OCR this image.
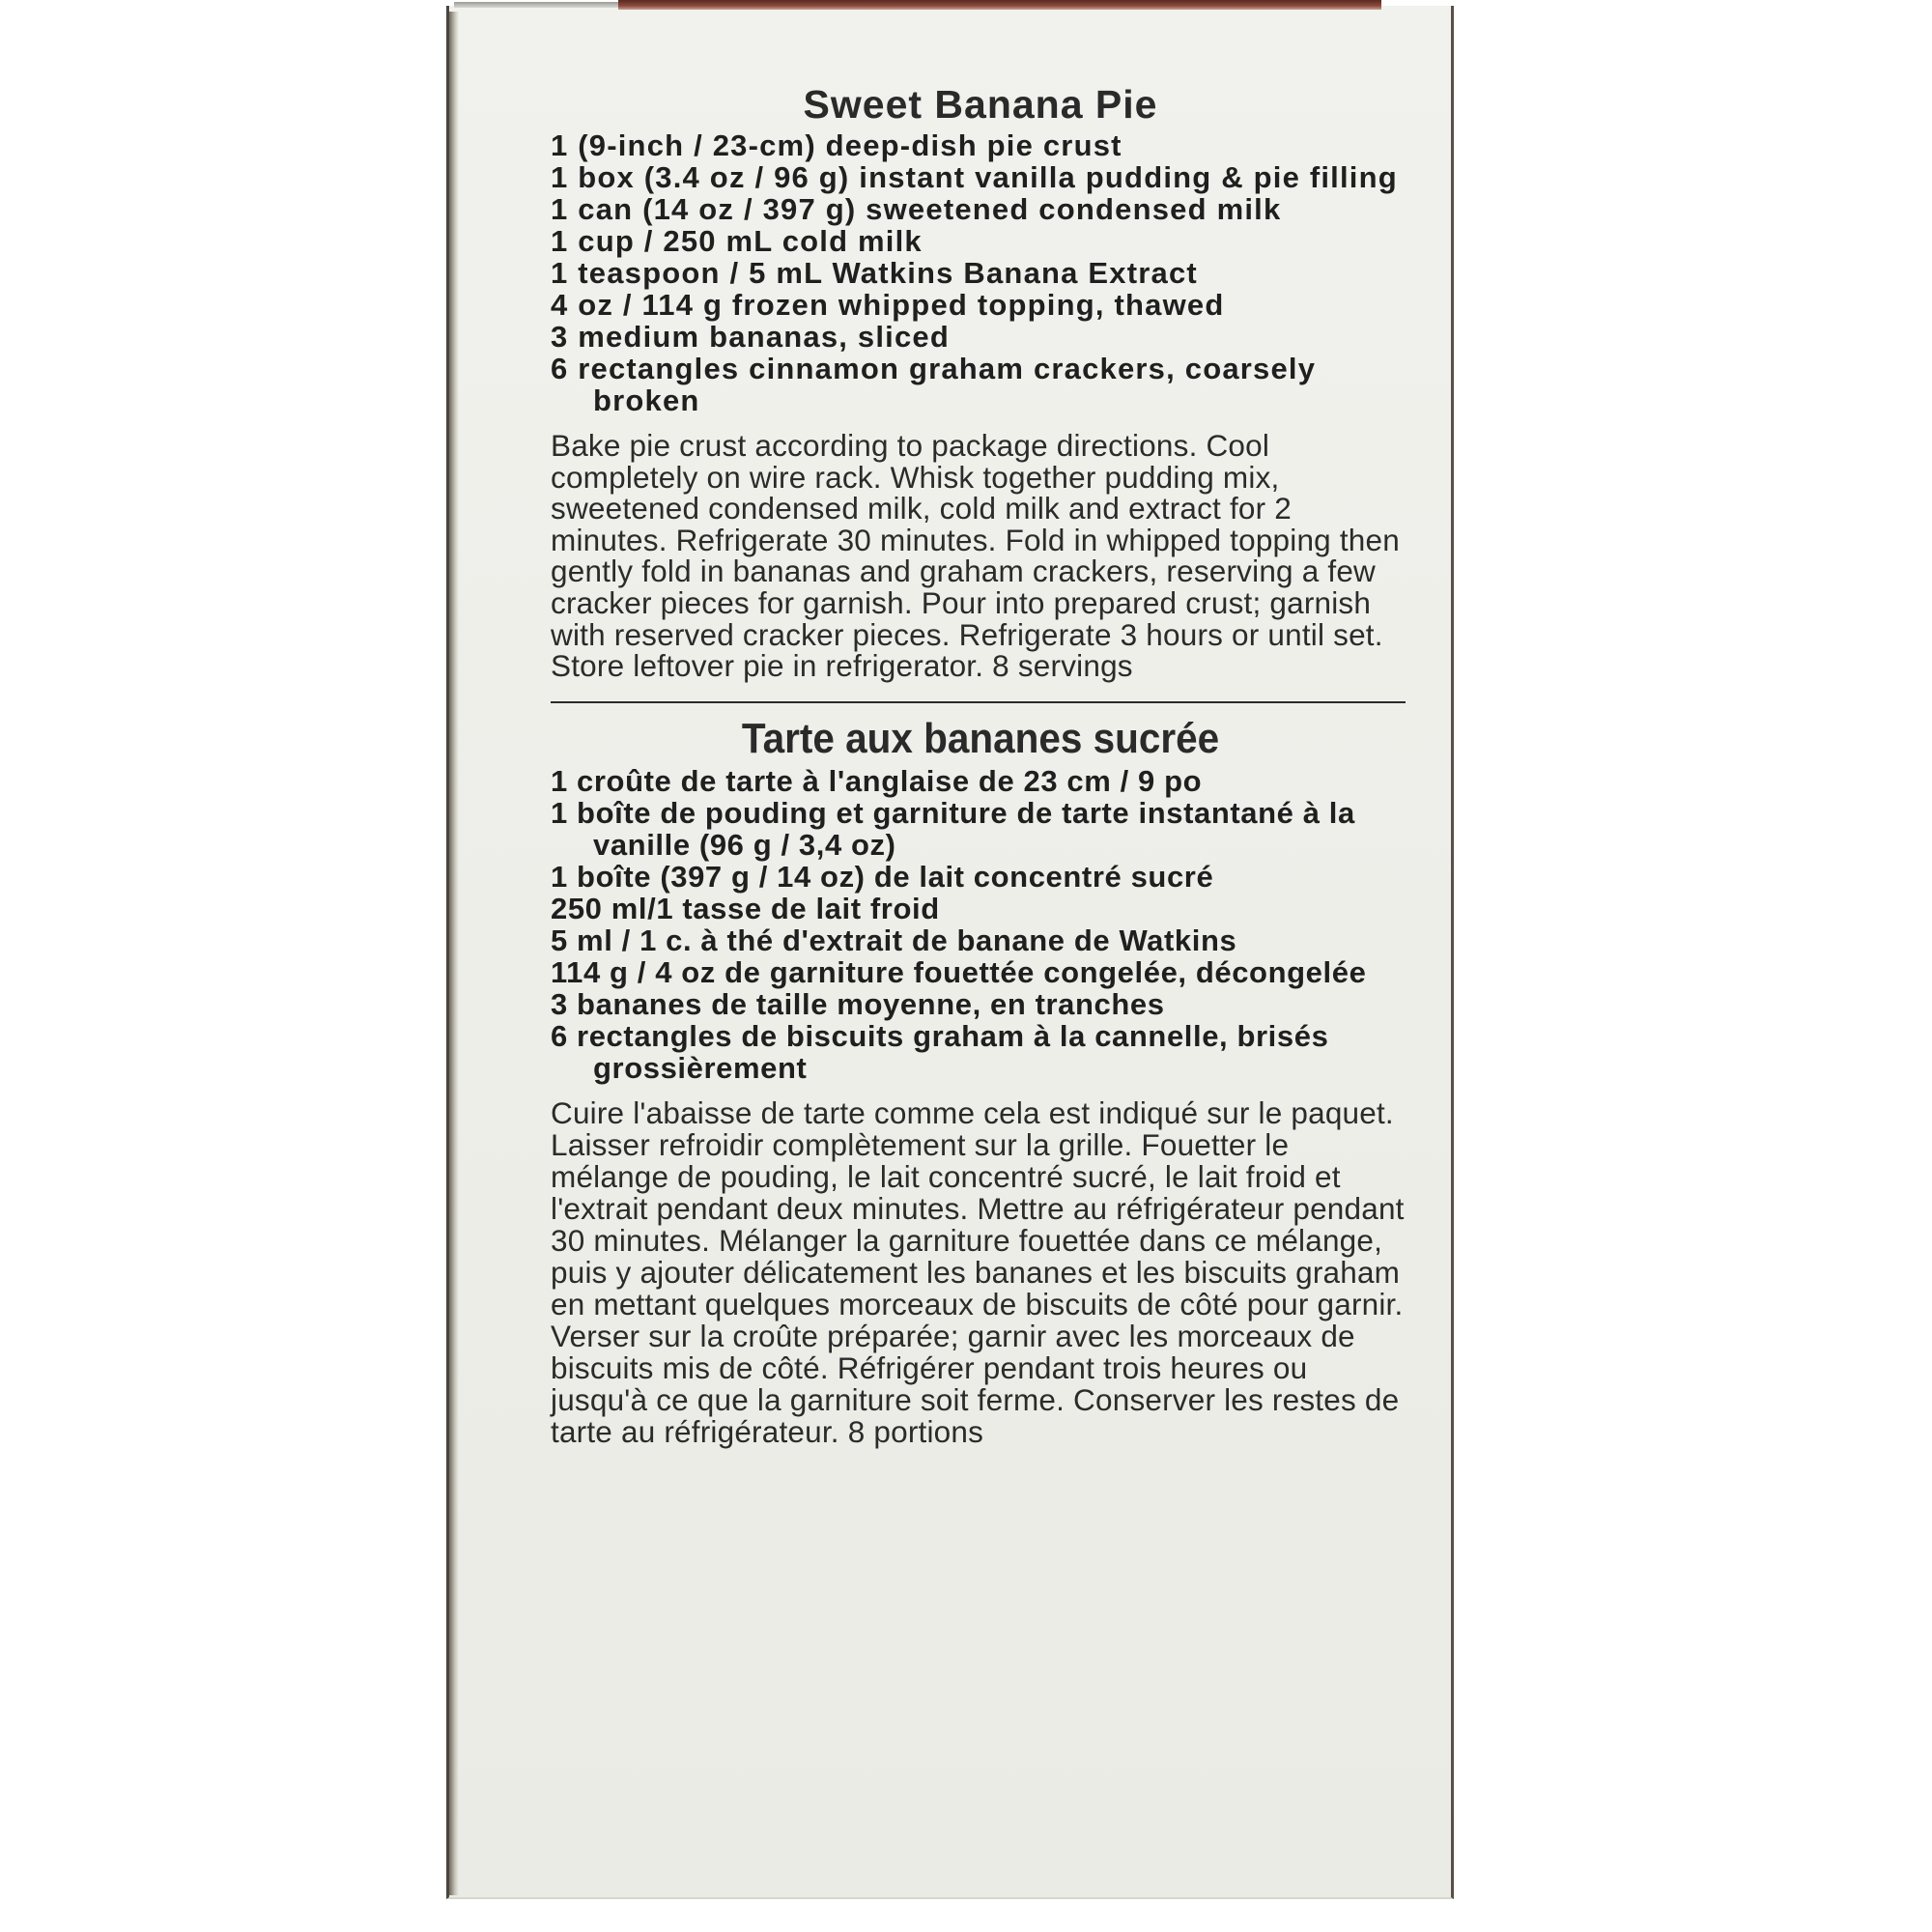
Sweet Banana Pie
1 (9-inch / 23-cm) deep-dish pie crust
1 box (3.4 oz / 96 g) instant vanilla pudding & pie filling
1 can (14 oz / 397 g) sweetened condensed milk
1 cup / 250 mL cold milk
1 teaspoon / 5 mL Watkins Banana Extract
4 oz / 114 g frozen whipped topping, thawed
3 medium bananas, sliced
6 rectangles cinnamon graham crackers, coarsely broken

Bake pie crust according to package directions. Cool completely on wire rack. Whisk together pudding mix, sweetened condensed milk, cold milk and extract for 2 minutes. Refrigerate 30 minutes. Fold in whipped topping then gently fold in bananas and graham crackers, reserving a few cracker pieces for garnish. Pour into prepared crust; garnish with reserved cracker pieces. Refrigerate 3 hours or until set. Store leftover pie in refrigerator. 8 servings

Tarte aux bananes sucrée
1 croûte de tarte à l'anglaise de 23 cm / 9 po
1 boîte de pouding et garniture de tarte instantané à la vanille (96 g / 3,4 oz)
1 boîte (397 g / 14 oz) de lait concentré sucré
250 ml/1 tasse de lait froid
5 ml / 1 c. à thé d'extrait de banane de Watkins
114 g / 4 oz de garniture fouettée congelée, décongelée
3 bananes de taille moyenne, en tranches
6 rectangles de biscuits graham à la cannelle, brisés grossièrement

Cuire l'abaisse de tarte comme cela est indiqué sur le paquet. Laisser refroidir complètement sur la grille. Fouetter le mélange de pouding, le lait concentré sucré, le lait froid et l'extrait pendant deux minutes. Mettre au réfrigérateur pendant 30 minutes. Mélanger la garniture fouettée dans ce mélange, puis y ajouter délicatement les bananes et les biscuits graham en mettant quelques morceaux de biscuits de côté pour garnir. Verser sur la croûte préparée; garnir avec les morceaux de biscuits mis de côté. Réfrigérer pendant trois heures ou jusqu'à ce que la garniture soit ferme. Conserver les restes de tarte au réfrigérateur. 8 portions
